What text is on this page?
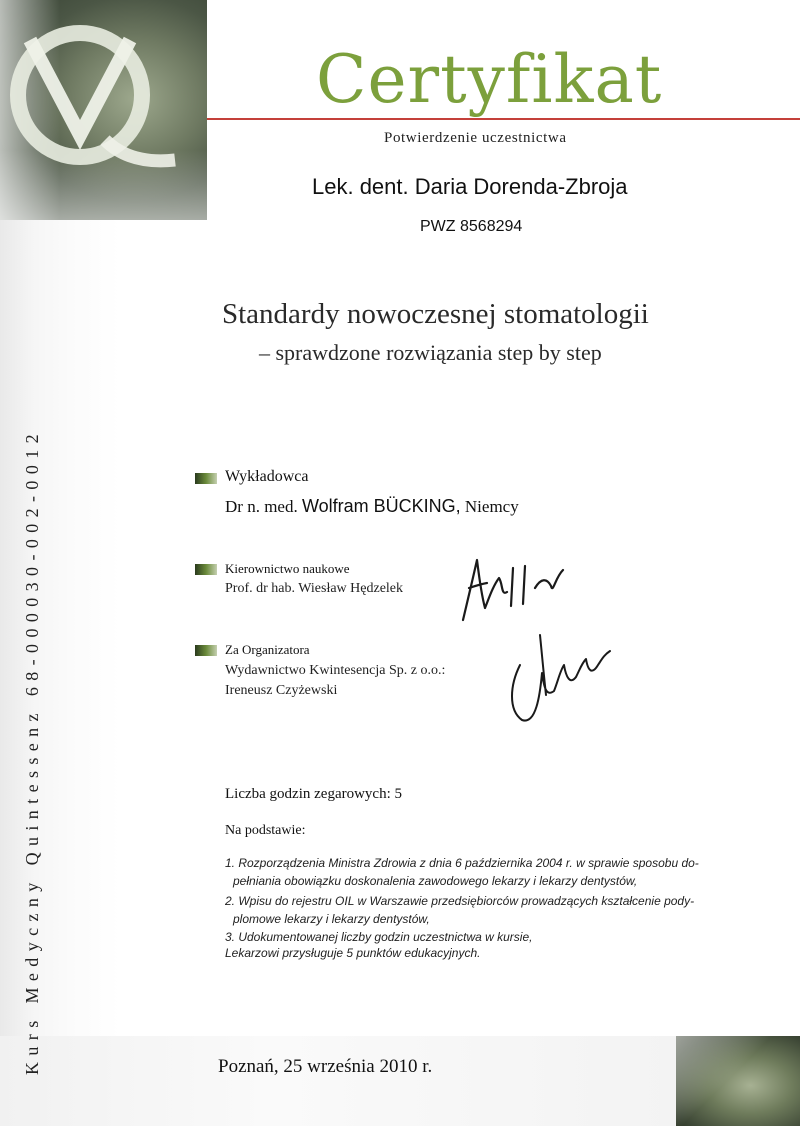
Certyfikat
Potwierdzenie uczestnictwa
Lek. dent. Daria Dorenda-Zbroja
PWZ 8568294
Standardy nowoczesnej stomatologii
– sprawdzone rozwiązania step by step
Kurs Medyczny Quintessenz 68-000030-002-0012	Wykładowca
Dr n. med. Wolfram BÜCKING, Niemcy
Kierownictwo naukowe
Prof. dr hab. Wiesław Hędzelek
Za Organizatora
Wydawnictwo Kwintesencja Sp. z o.o.:
Ireneusz Czyżewski
Liczba godzin zegarowych: 5
Na podstawie:
1. Rozporządzenia Ministra Zdrowia z dnia 6 października 2004 r. w sprawie sposobu do-
pełniania obowiązku doskonalenia zawodowego lekarzy i lekarzy dentystów,
2. Wpisu do rejestru OIL w Warszawie przedsiębiorców prowadzących kształcenie pody-
plomowe lekarzy i lekarzy dentystów,
3. Udokumentowanej liczby godzin uczestnictwa w kursie,
Lekarzowi przysługuje 5 punktów edukacyjnych.
Poznań, 25 września 2010 r.
